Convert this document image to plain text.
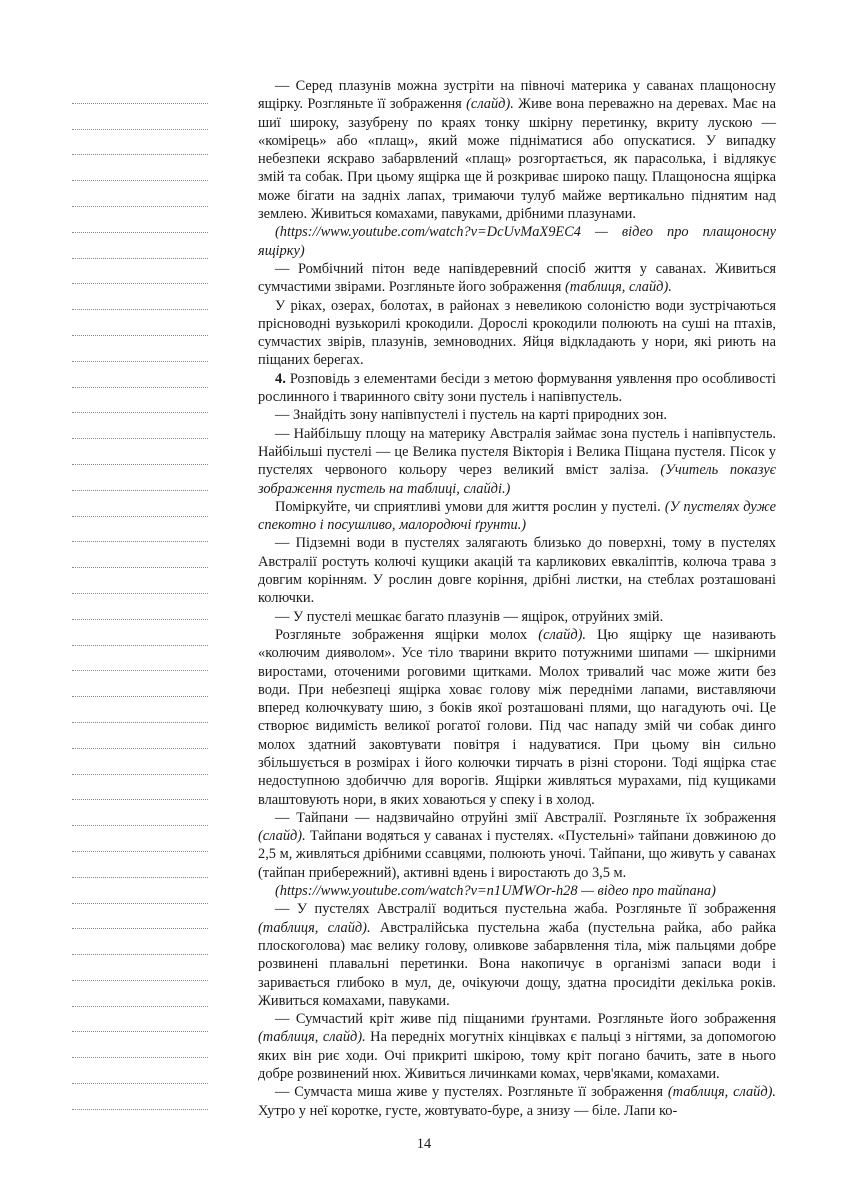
— Серед плазунів можна зустріти на півночі материка у саванах плащоносну ящірку. Розгляньте її зображення (слайд). Живе вона переважно на деревах. Має на шиї широку, зазубрену по краях тонку шкірну перетинку, вкриту лускою — «комірець» або «плащ», який може підніматися або опускатися. У випадку небезпеки яскраво забарвлений «плащ» розгортається, як парасолька, і відлякує змій та собак. При цьому ящірка ще й розкриває широко пащу. Плащоносна ящірка може бігати на задніх лапах, тримаючи тулуб майже вертикально піднятим над землею. Живиться комахами, павуками, дрібними плазунами.

(https://www.youtube.com/watch?v=DcUvMaX9EC4 — відео про плащоносну ящірку)

— Ромбічний пітон веде напівдеревний спосіб життя у саванах. Живиться сумчастими звірами. Розгляньте його зображення (таблиця, слайд).

У ріках, озерах, болотах, в районах з невеликою солоністю води зустрічаються прісноводні вузькорилі крокодили. Дорослі крокодили полюють на суші на птахів, сумчастих звірів, плазунів, земноводних. Яйця відкладають у нори, які риють на піщаних берегах.

4. Розповідь з елементами бесіди з метою формування уявлення про особливості рослинного і тваринного світу зони пустель і напівпустель.

— Знайдіть зону напівпустелі і пустель на карті природних зон.

— Найбільшу площу на материку Австралія займає зона пустель і напівпустель. Найбільші пустелі — це Велика пустеля Вікторія і Велика Піщана пустеля. Пісок у пустелях червоного кольору через великий вміст заліза. (Учитель показує зображення пустель на таблиці, слайді.)

Поміркуйте, чи сприятливі умови для життя рослин у пустелі. (У пустелях дуже спекотно і посушливо, малородючі ґрунти.)

— Підземні води в пустелях залягають близько до поверхні, тому в пустелях Австралії ростуть колючі кущики акацій та карликових евкаліптів, колюча трава з довгим корінням. У рослин довге коріння, дрібні листки, на стеблах розташовані колючки.

— У пустелі мешкає багато плазунів — ящірок, отруйних змій.

Розгляньте зображення ящірки молох (слайд). Цю ящірку ще називають «колючим дияволом». Усе тіло тварини вкрито потужними шипами — шкірними виростами, оточеними роговими щитками. Молох тривалий час може жити без води. При небезпеці ящірка ховає голову між передніми лапами, виставляючи вперед колючкувату шию, з боків якої розташовані плями, що нагадують очі. Це створює видимість великої рогатої голови. Під час нападу змій чи собак динго молох здатний заковтувати повітря і надуватися. При цьому він сильно збільшується в розмірах і його колючки тирчать в різні сторони. Тоді ящірка стає недоступною здобиччю для ворогів. Ящірки живляться мурахами, під кущиками влаштовують нори, в яких ховаються у спеку і в холод.

— Тайпани — надзвичайно отруйні змії Австралії. Розгляньте їх зображення (слайд). Тайпани водяться у саванах і пустелях. «Пустельні» тайпани довжиною до 2,5 м, живляться дрібними ссавцями, полюють уночі. Тайпани, що живуть у саванах (тайпан прибережний), активні вдень і виростають до 3,5 м.

(https://www.youtube.com/watch?v=n1UMWOr-h28 — відео про тайпана)

— У пустелях Австралії водиться пустельна жаба. Розгляньте її зображення (таблиця, слайд). Австралійська пустельна жаба (пустельна райка, або райка плоскоголова) має велику голову, оливкове забарвлення тіла, між пальцями добре розвинені плавальні перетинки. Вона накопичує в організмі запаси води і заривається глибоко в мул, де, очікуючи дощу, здатна просидіти декілька років. Живиться комахами, павуками.

— Сумчастий кріт живе під піщаними ґрунтами. Розгляньте його зображення (таблиця, слайд). На передніх могутніх кінцівках є пальці з нігтями, за допомогою яких він риє ходи. Очі прикриті шкірою, тому кріт погано бачить, зате в нього добре розвинений нюх. Живиться личинками комах, черв'яками, комахами.

— Сумчаста миша живе у пустелях. Розгляньте її зображення (таблиця, слайд). Хутро у неї коротке, густе, жовтувато-буре, а знизу — біле. Лапи ко-

14
